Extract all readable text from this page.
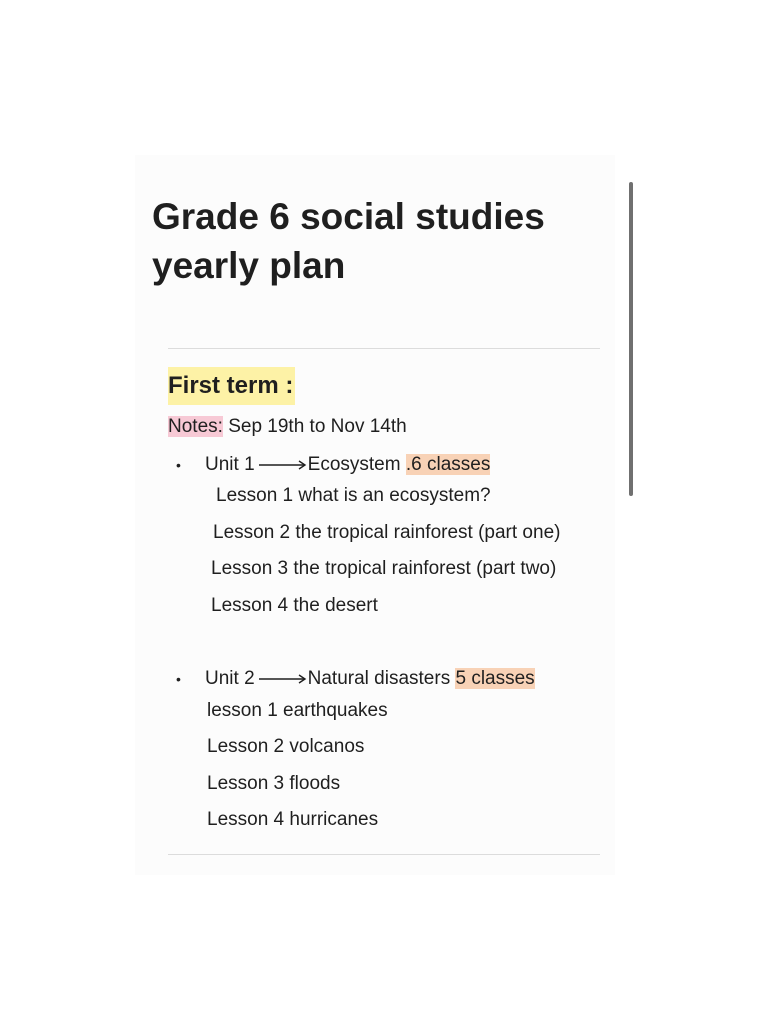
Grade 6 social studies yearly plan
First term :
Notes: Sep 19th to Nov 14th
• Unit 1	Ecosystem .6 classes
Lesson 1 what is an ecosystem?
Lesson 2 the tropical rainforest (part one)
Lesson 3 the tropical rainforest (part two)
Lesson 4 the desert
• Unit 2	Natural disasters 5 classes
lesson 1 earthquakes
Lesson 2 volcanos
Lesson 3 floods
Lesson 4 hurricanes
